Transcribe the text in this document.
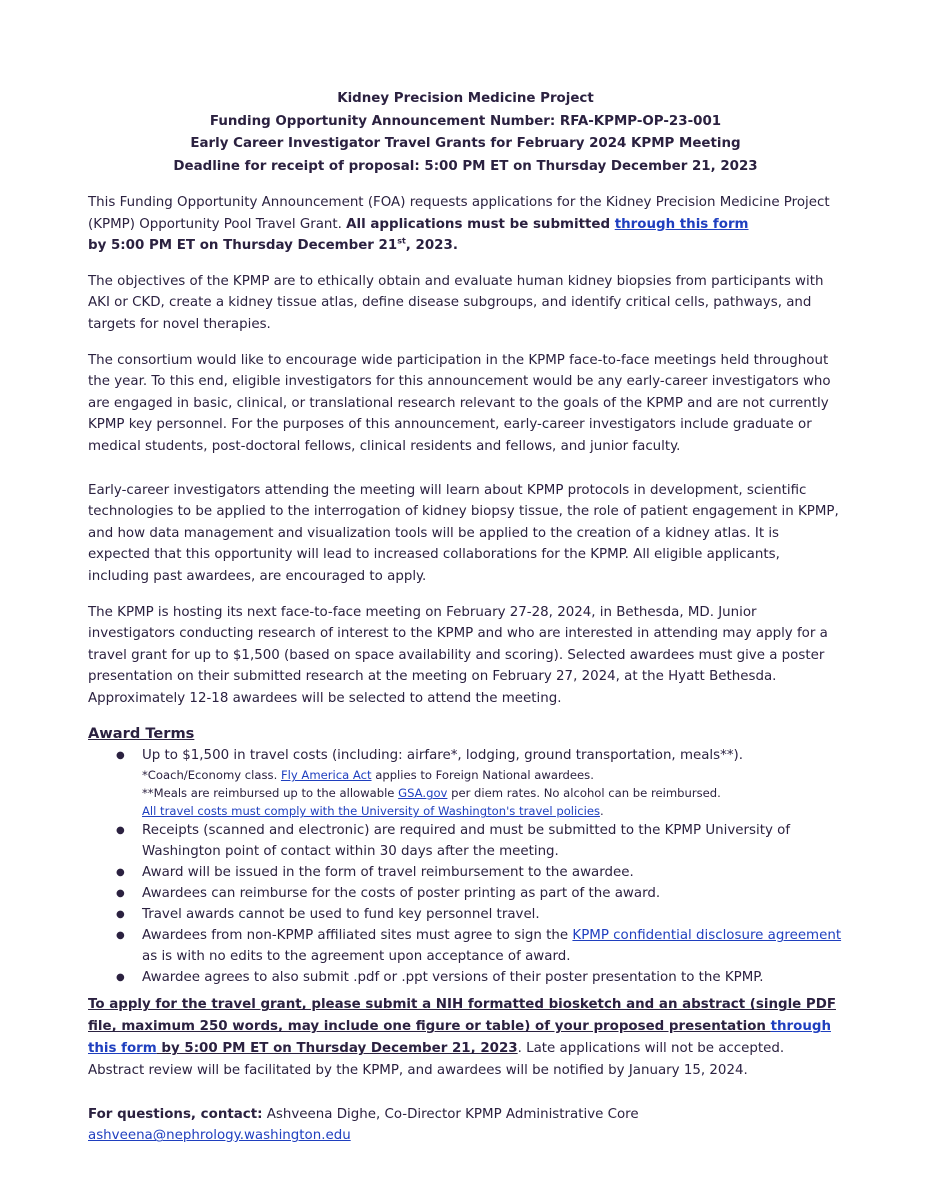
Kidney Precision Medicine Project
Funding Opportunity Announcement Number: RFA-KPMP-OP-23-001
Early Career Investigator Travel Grants for February 2024 KPMP Meeting
Deadline for receipt of proposal: 5:00 PM ET on Thursday December 21, 2023

This Funding Opportunity Announcement (FOA) requests applications for the Kidney Precision Medicine Project (KPMP) Opportunity Pool Travel Grant. All applications must be submitted through this form
by 5:00 PM ET on Thursday December 21st, 2023.

The objectives of the KPMP are to ethically obtain and evaluate human kidney biopsies from participants with AKI or CKD, create a kidney tissue atlas, define disease subgroups, and identify critical cells, pathways, and targets for novel therapies.

The consortium would like to encourage wide participation in the KPMP face-to-face meetings held throughout the year. To this end, eligible investigators for this announcement would be any early-career investigators who are engaged in basic, clinical, or translational research relevant to the goals of the KPMP and are not currently KPMP key personnel. For the purposes of this announcement, early-career investigators include graduate or medical students, post-doctoral fellows, clinical residents and fellows, and junior faculty.

Early-career investigators attending the meeting will learn about KPMP protocols in development, scientific technologies to be applied to the interrogation of kidney biopsy tissue, the role of patient engagement in KPMP, and how data management and visualization tools will be applied to the creation of a kidney atlas. It is expected that this opportunity will lead to increased collaborations for the KPMP. All eligible applicants, including past awardees, are encouraged to apply.

The KPMP is hosting its next face-to-face meeting on February 27-28, 2024, in Bethesda, MD. Junior investigators conducting research of interest to the KPMP and who are interested in attending may apply for a travel grant for up to $1,500 (based on space availability and scoring). Selected awardees must give a poster presentation on their submitted research at the meeting on February 27, 2024, at the Hyatt Bethesda. Approximately 12-18 awardees will be selected to attend the meeting.

Award Terms
● Up to $1,500 in travel costs (including: airfare*, lodging, ground transportation, meals**).
*Coach/Economy class. Fly America Act applies to Foreign National awardees.
**Meals are reimbursed up to the allowable GSA.gov per diem rates. No alcohol can be reimbursed.
All travel costs must comply with the University of Washington's travel policies.
● Receipts (scanned and electronic) are required and must be submitted to the KPMP University of Washington point of contact within 30 days after the meeting.
● Award will be issued in the form of travel reimbursement to the awardee.
● Awardees can reimburse for the costs of poster printing as part of the award.
● Travel awards cannot be used to fund key personnel travel.
● Awardees from non-KPMP affiliated sites must agree to sign the KPMP confidential disclosure agreement as is with no edits to the agreement upon acceptance of award.
● Awardee agrees to also submit .pdf or .ppt versions of their poster presentation to the KPMP.

To apply for the travel grant, please submit a NIH formatted biosketch and an abstract (single PDF file, maximum 250 words, may include one figure or table) of your proposed presentation through this form by 5:00 PM ET on Thursday December 21, 2023. Late applications will not be accepted. Abstract review will be facilitated by the KPMP, and awardees will be notified by January 15, 2024.

For questions, contact: Ashveena Dighe, Co-Director KPMP Administrative Core
ashveena@nephrology.washington.edu
